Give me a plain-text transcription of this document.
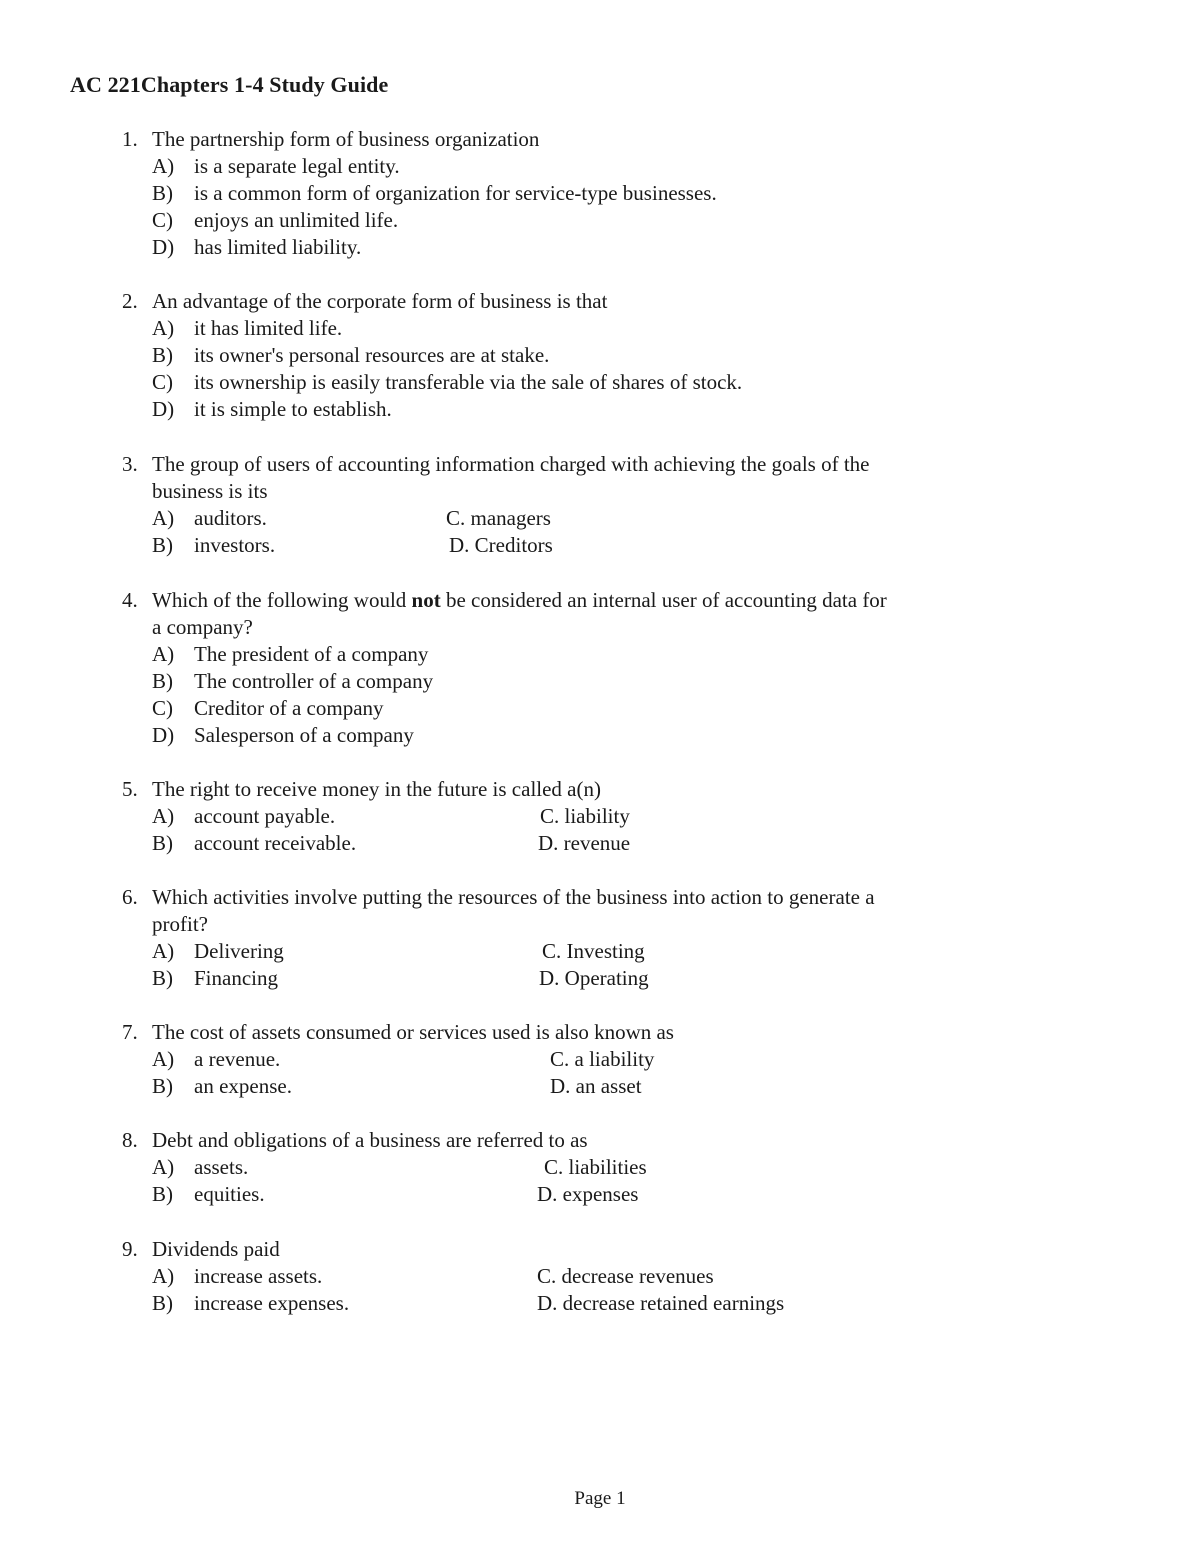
AC 221Chapters 1-4 Study Guide
1. The partnership form of business organization
A) is a separate legal entity.
B) is a common form of organization for service-type businesses.
C) enjoys an unlimited life.
D) has limited liability.
2. An advantage of the corporate form of business is that
A) it has limited life.
B) its owner's personal resources are at stake.
C) its ownership is easily transferable via the sale of shares of stock.
D) it is simple to establish.
3. The group of users of accounting information charged with achieving the goals of the
business is its
A) auditors.	C. managers
B) investors.	D. Creditors
4. Which of the following would not be considered an internal user of accounting data for
a company?
A) The president of a company
B) The controller of a company
C) Creditor of a company
D) Salesperson of a company
5. The right to receive money in the future is called a(n)
A) account payable.	C. liability
B) account receivable.	D. revenue
6. Which activities involve putting the resources of the business into action to generate a
profit?
A) Delivering	C. Investing
B) Financing	D. Operating
7. The cost of assets consumed or services used is also known as
A) a revenue.	C. a liability
B) an expense.	D. an asset
8. Debt and obligations of a business are referred to as
A) assets.	C. liabilities
B) equities.	D. expenses
9. Dividends paid
A) increase assets.	C. decrease revenues
B) increase expenses.	D. decrease retained earnings
Page 1
